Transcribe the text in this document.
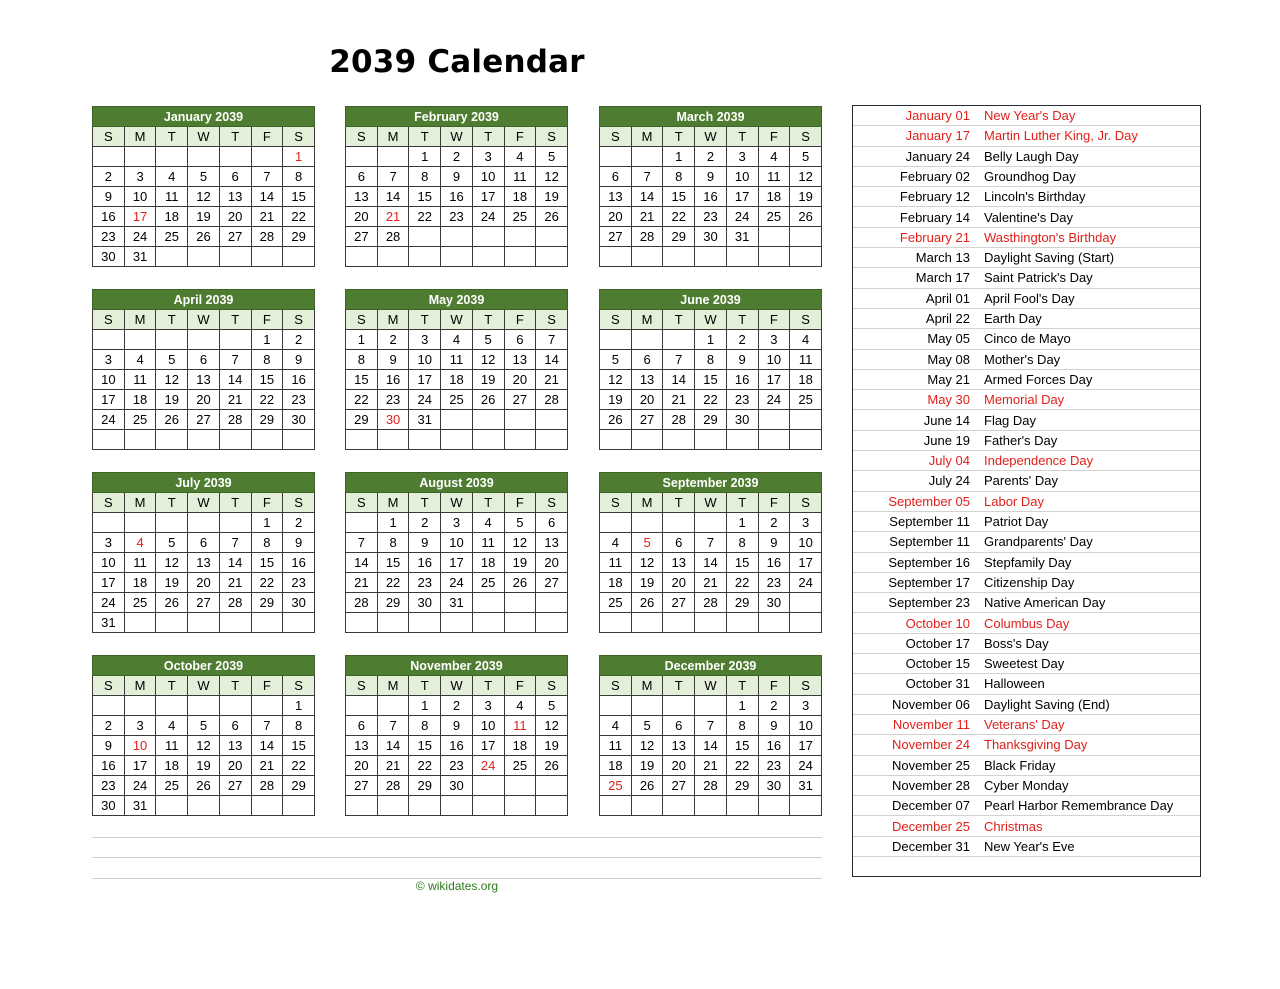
2039 Calendar
January 2039						
S	M	T	W	T	F	S
						1
2	3	4	5	6	7	8
9	10	11	12	13	14	15
16	17	18	19	20	21	22
23	24	25	26	27	28	29
30	31					
February 2039						
S	M	T	W	T	F	S
		1	2	3	4	5
6	7	8	9	10	11	12
13	14	15	16	17	18	19
20	21	22	23	24	25	26
27	28					

March 2039						
S	M	T	W	T	F	S
		1	2	3	4	5
6	7	8	9	10	11	12
13	14	15	16	17	18	19
20	21	22	23	24	25	26
27	28	29	30	31		

April 2039						
S	M	T	W	T	F	S
					1	2
3	4	5	6	7	8	9
10	11	12	13	14	15	16
17	18	19	20	21	22	23
24	25	26	27	28	29	30

May 2039						
S	M	T	W	T	F	S
1	2	3	4	5	6	7
8	9	10	11	12	13	14
15	16	17	18	19	20	21
22	23	24	25	26	27	28
29	30	31				

June 2039						
S	M	T	W	T	F	S
			1	2	3	4
5	6	7	8	9	10	11
12	13	14	15	16	17	18
19	20	21	22	23	24	25
26	27	28	29	30		

July 2039						
S	M	T	W	T	F	S
					1	2
3	4	5	6	7	8	9
10	11	12	13	14	15	16
17	18	19	20	21	22	23
24	25	26	27	28	29	30
31						
August 2039						
S	M	T	W	T	F	S
	1	2	3	4	5	6
7	8	9	10	11	12	13
14	15	16	17	18	19	20
21	22	23	24	25	26	27
28	29	30	31			

September 2039						
S	M	T	W	T	F	S
				1	2	3
4	5	6	7	8	9	10
11	12	13	14	15	16	17
18	19	20	21	22	23	24
25	26	27	28	29	30	

October 2039						
S	M	T	W	T	F	S
						1
2	3	4	5	6	7	8
9	10	11	12	13	14	15
16	17	18	19	20	21	22
23	24	25	26	27	28	29
30	31					
November 2039						
S	M	T	W	T	F	S
		1	2	3	4	5
6	7	8	9	10	11	12
13	14	15	16	17	18	19
20	21	22	23	24	25	26
27	28	29	30			

December 2039						
S	M	T	W	T	F	S
				1	2	3
4	5	6	7	8	9	10
11	12	13	14	15	16	17
18	19	20	21	22	23	24
25	26	27	28	29	30	31

© wikidates.org
January 01	New Year's Day
January 17	Martin Luther King, Jr. Day
January 24	Belly Laugh Day
February 02	Groundhog Day
February 12	Lincoln's Birthday
February 14	Valentine's Day
February 21	Wasthington's Birthday
March 13	Daylight Saving (Start)
March 17	Saint Patrick's Day
April 01	April Fool's Day
April 22	Earth Day
May 05	Cinco de Mayo
May 08	Mother's Day
May 21	Armed Forces Day
May 30	Memorial Day
June 14	Flag Day
June 19	Father's Day
July 04	Independence Day
July 24	Parents' Day
September 05	Labor Day
September 11	Patriot Day
September 11	Grandparents' Day
September 16	Stepfamily Day
September 17	Citizenship Day
September 23	Native American Day
October 10	Columbus Day
October 17	Boss's Day
October 15	Sweetest Day
October 31	Halloween
November 06	Daylight Saving (End)
November 11	Veterans' Day
November 24	Thanksgiving Day
November 25	Black Friday
November 28	Cyber Monday
December 07	Pearl Harbor Remembrance Day
December 25	Christmas
December 31	New Year's Eve
